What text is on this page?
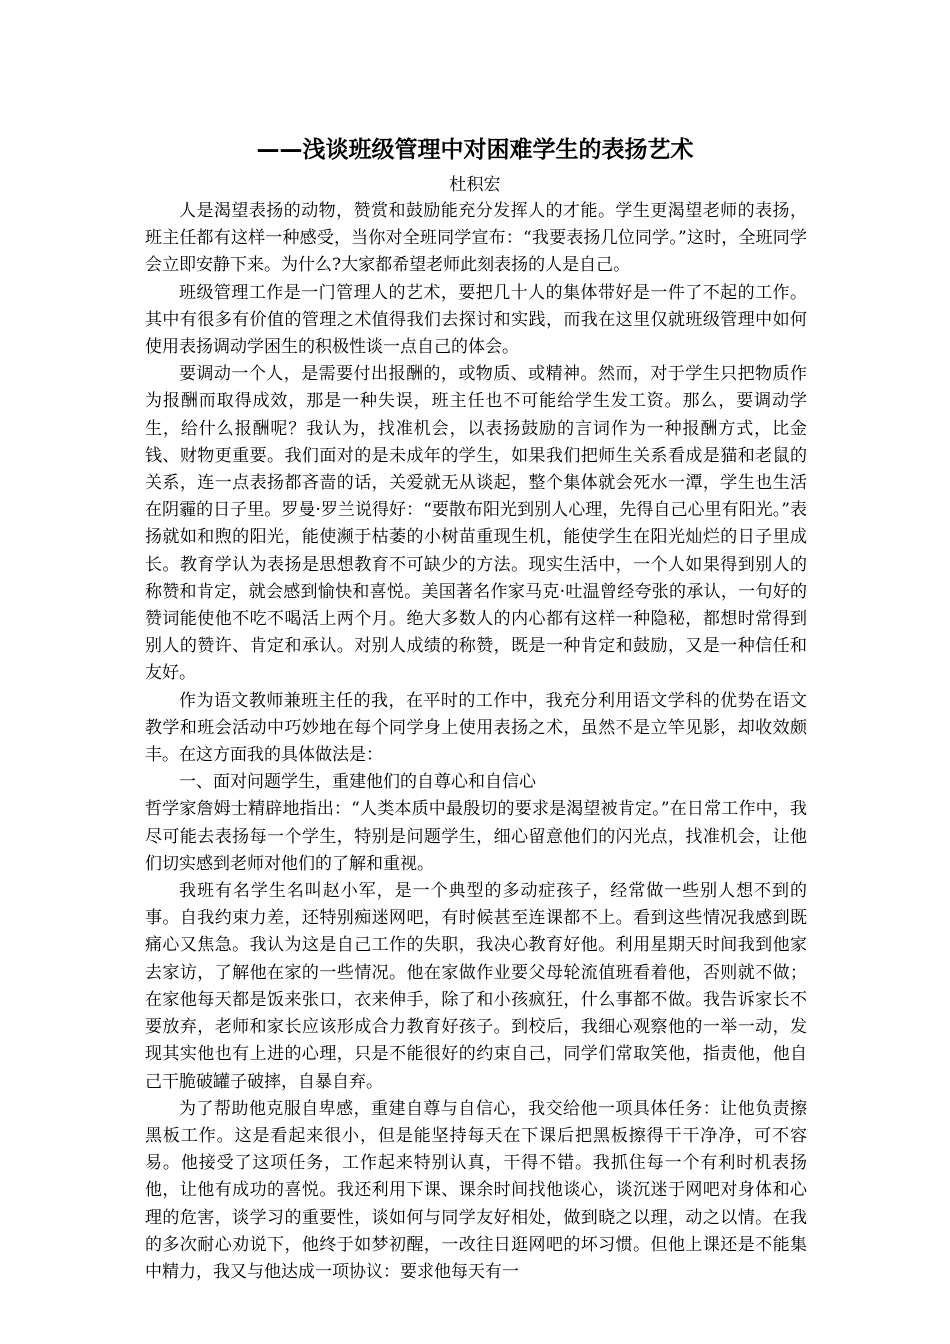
——浅谈班级管理中对困难学生的表扬艺术
杜积宏

人是渴望表扬的动物，赞赏和鼓励能充分发挥人的才能。学生更渴望老师的表扬，班主任都有这样一种感受，当你对全班同学宣布：“我要表扬几位同学。”这时，全班同学会立即安静下来。为什么?大家都希望老师此刻表扬的人是自己。

班级管理工作是一门管理人的艺术，要把几十人的集体带好是一件了不起的工作。其中有很多有价值的管理之术值得我们去探讨和实践，而我在这里仅就班级管理中如何使用表扬调动学困生的积极性谈一点自己的体会。

要调动一个人，是需要付出报酬的，或物质、或精神。然而，对于学生只把物质作为报酬而取得成效，那是一种失误，班主任也不可能给学生发工资。那么，要调动学生，给什么报酬呢？我认为，找准机会，以表扬鼓励的言词作为一种报酬方式，比金钱、财物更重要。我们面对的是未成年的学生，如果我们把师生关系看成是猫和老鼠的关系，连一点表扬都吝啬的话，关爱就无从谈起，整个集体就会死水一潭，学生也生活在阴霾的日子里。罗曼·罗兰说得好：“要散布阳光到别人心理，先得自己心里有阳光。”表扬就如和煦的阳光，能使濒于枯萎的小树苗重现生机，能使学生在阳光灿烂的日子里成长。教育学认为表扬是思想教育不可缺少的方法。现实生活中，一个人如果得到别人的称赞和肯定，就会感到愉快和喜悦。美国著名作家马克·吐温曾经夸张的承认，一句好的赞词能使他不吃不喝活上两个月。绝大多数人的内心都有这样一种隐秘，都想时常得到别人的赞许、肯定和承认。对别人成绩的称赞，既是一种肯定和鼓励，又是一种信任和友好。

作为语文教师兼班主任的我，在平时的工作中，我充分利用语文学科的优势在语文教学和班会活动中巧妙地在每个同学身上使用表扬之术，虽然不是立竿见影，却收效颇丰。在这方面我的具体做法是：

一、面对问题学生，重建他们的自尊心和自信心

哲学家詹姆士精辟地指出：“人类本质中最殷切的要求是渴望被肯定。”在日常工作中，我尽可能去表扬每一个学生，特别是问题学生，细心留意他们的闪光点，找准机会，让他们切实感到老师对他们的了解和重视。

我班有名学生名叫赵小军，是一个典型的多动症孩子，经常做一些别人想不到的事。自我约束力差，还特别痴迷网吧，有时候甚至连课都不上。看到这些情况我感到既痛心又焦急。我认为这是自己工作的失职，我决心教育好他。利用星期天时间我到他家去家访，了解他在家的一些情况。他在家做作业要父母轮流值班看着他，否则就不做；在家他每天都是饭来张口，衣来伸手，除了和小孩疯狂，什么事都不做。我告诉家长不要放弃，老师和家长应该形成合力教育好孩子。到校后，我细心观察他的一举一动，发现其实他也有上进的心理，只是不能很好的约束自己，同学们常取笑他，指责他，他自己干脆破罐子破摔，自暴自弃。

为了帮助他克服自卑感，重建自尊与自信心，我交给他一项具体任务：让他负责擦黑板工作。这是看起来很小，但是能坚持每天在下课后把黑板擦得干干净净，可不容易。他接受了这项任务，工作起来特别认真，干得不错。我抓住每一个有利时机表扬他，让他有成功的喜悦。我还利用下课、课余时间找他谈心，谈沉迷于网吧对身体和心理的危害，谈学习的重要性，谈如何与同学友好相处，做到晓之以理，动之以情。在我的多次耐心劝说下，他终于如梦初醒，一改往日逛网吧的坏习惯。但他上课还是不能集中精力，我又与他达成一项协议：要求他每天有一
